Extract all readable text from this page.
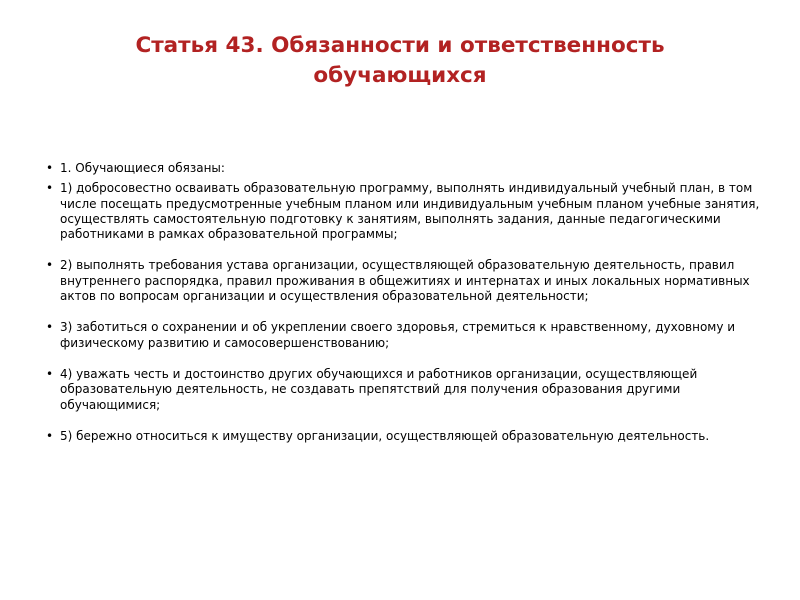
Статья 43. Обязанности и ответственность
обучающихся
• 1. Обучающиеся обязаны:
• 1) добросовестно осваивать образовательную программу, выполнять индивидуальный учебный план, в том числе посещать предусмотренные учебным планом или индивидуальным учебным планом учебные занятия, осуществлять самостоятельную подготовку к занятиям, выполнять задания, данные педагогическими работниками в рамках образовательной программы;
• 2) выполнять требования устава организации, осуществляющей образовательную деятельность, правил внутреннего распорядка, правил проживания в общежитиях и интернатах и иных локальных нормативных актов по вопросам организации и осуществления образовательной деятельности;
• 3) заботиться о сохранении и об укреплении своего здоровья, стремиться к нравственному, духовному и физическому развитию и самосовершенствованию;
• 4) уважать честь и достоинство других обучающихся и работников организации, осуществляющей образовательную деятельность, не создавать препятствий для получения образования другими обучающимися;
• 5) бережно относиться к имуществу организации, осуществляющей образовательную деятельность.
